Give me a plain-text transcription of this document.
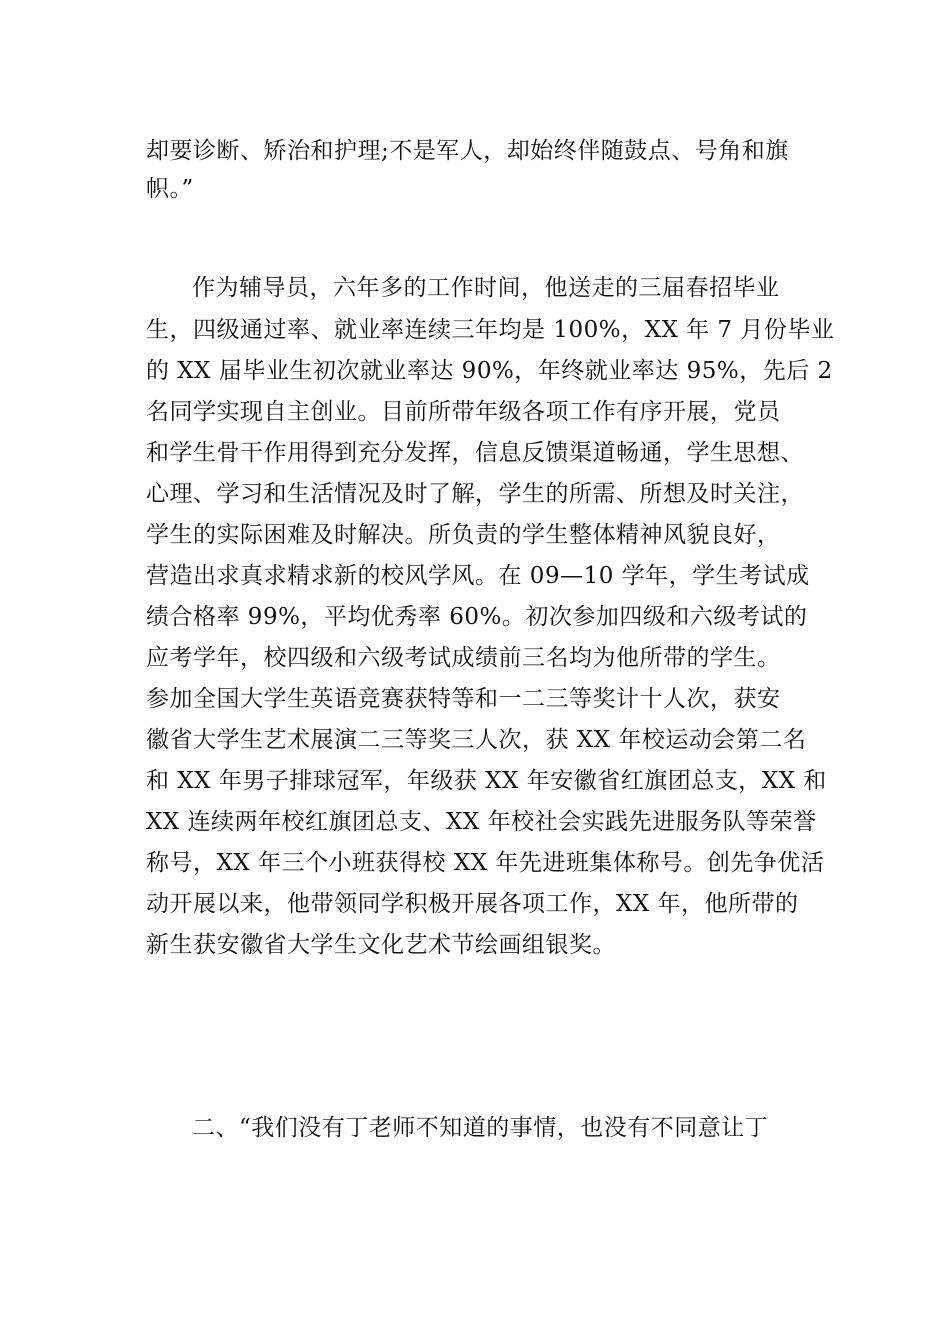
却要诊断、矫治和护理;不是军人，却始终伴随鼓点、号角和旗
帜。”
作为辅导员，六年多的工作时间，他送走的三届春招毕业
生，四级通过率、就业率连续三年均是 100%，XX 年 7 月份毕业
的 XX 届毕业生初次就业率达 90%，年终就业率达 95%，先后 2
名同学实现自主创业。目前所带年级各项工作有序开展，党员
和学生骨干作用得到充分发挥，信息反馈渠道畅通，学生思想、
心理、学习和生活情况及时了解，学生的所需、所想及时关注，
学生的实际困难及时解决。所负责的学生整体精神风貌良好，
营造出求真求精求新的校风学风。在 09—10 学年，学生考试成
绩合格率 99%，平均优秀率 60%。初次参加四级和六级考试的
应考学年，校四级和六级考试成绩前三名均为他所带的学生。
参加全国大学生英语竞赛获特等和一二三等奖计十人次，获安
徽省大学生艺术展演二三等奖三人次，获 XX 年校运动会第二名
和 XX 年男子排球冠军，年级获 XX 年安徽省红旗团总支，XX 和
XX 连续两年校红旗团总支、XX 年校社会实践先进服务队等荣誉
称号，XX 年三个小班获得校 XX 年先进班集体称号。创先争优活
动开展以来，他带领同学积极开展各项工作，XX 年，他所带的
新生获安徽省大学生文化艺术节绘画组银奖。
二、“我们没有丁老师不知道的事情，也没有不同意让丁
